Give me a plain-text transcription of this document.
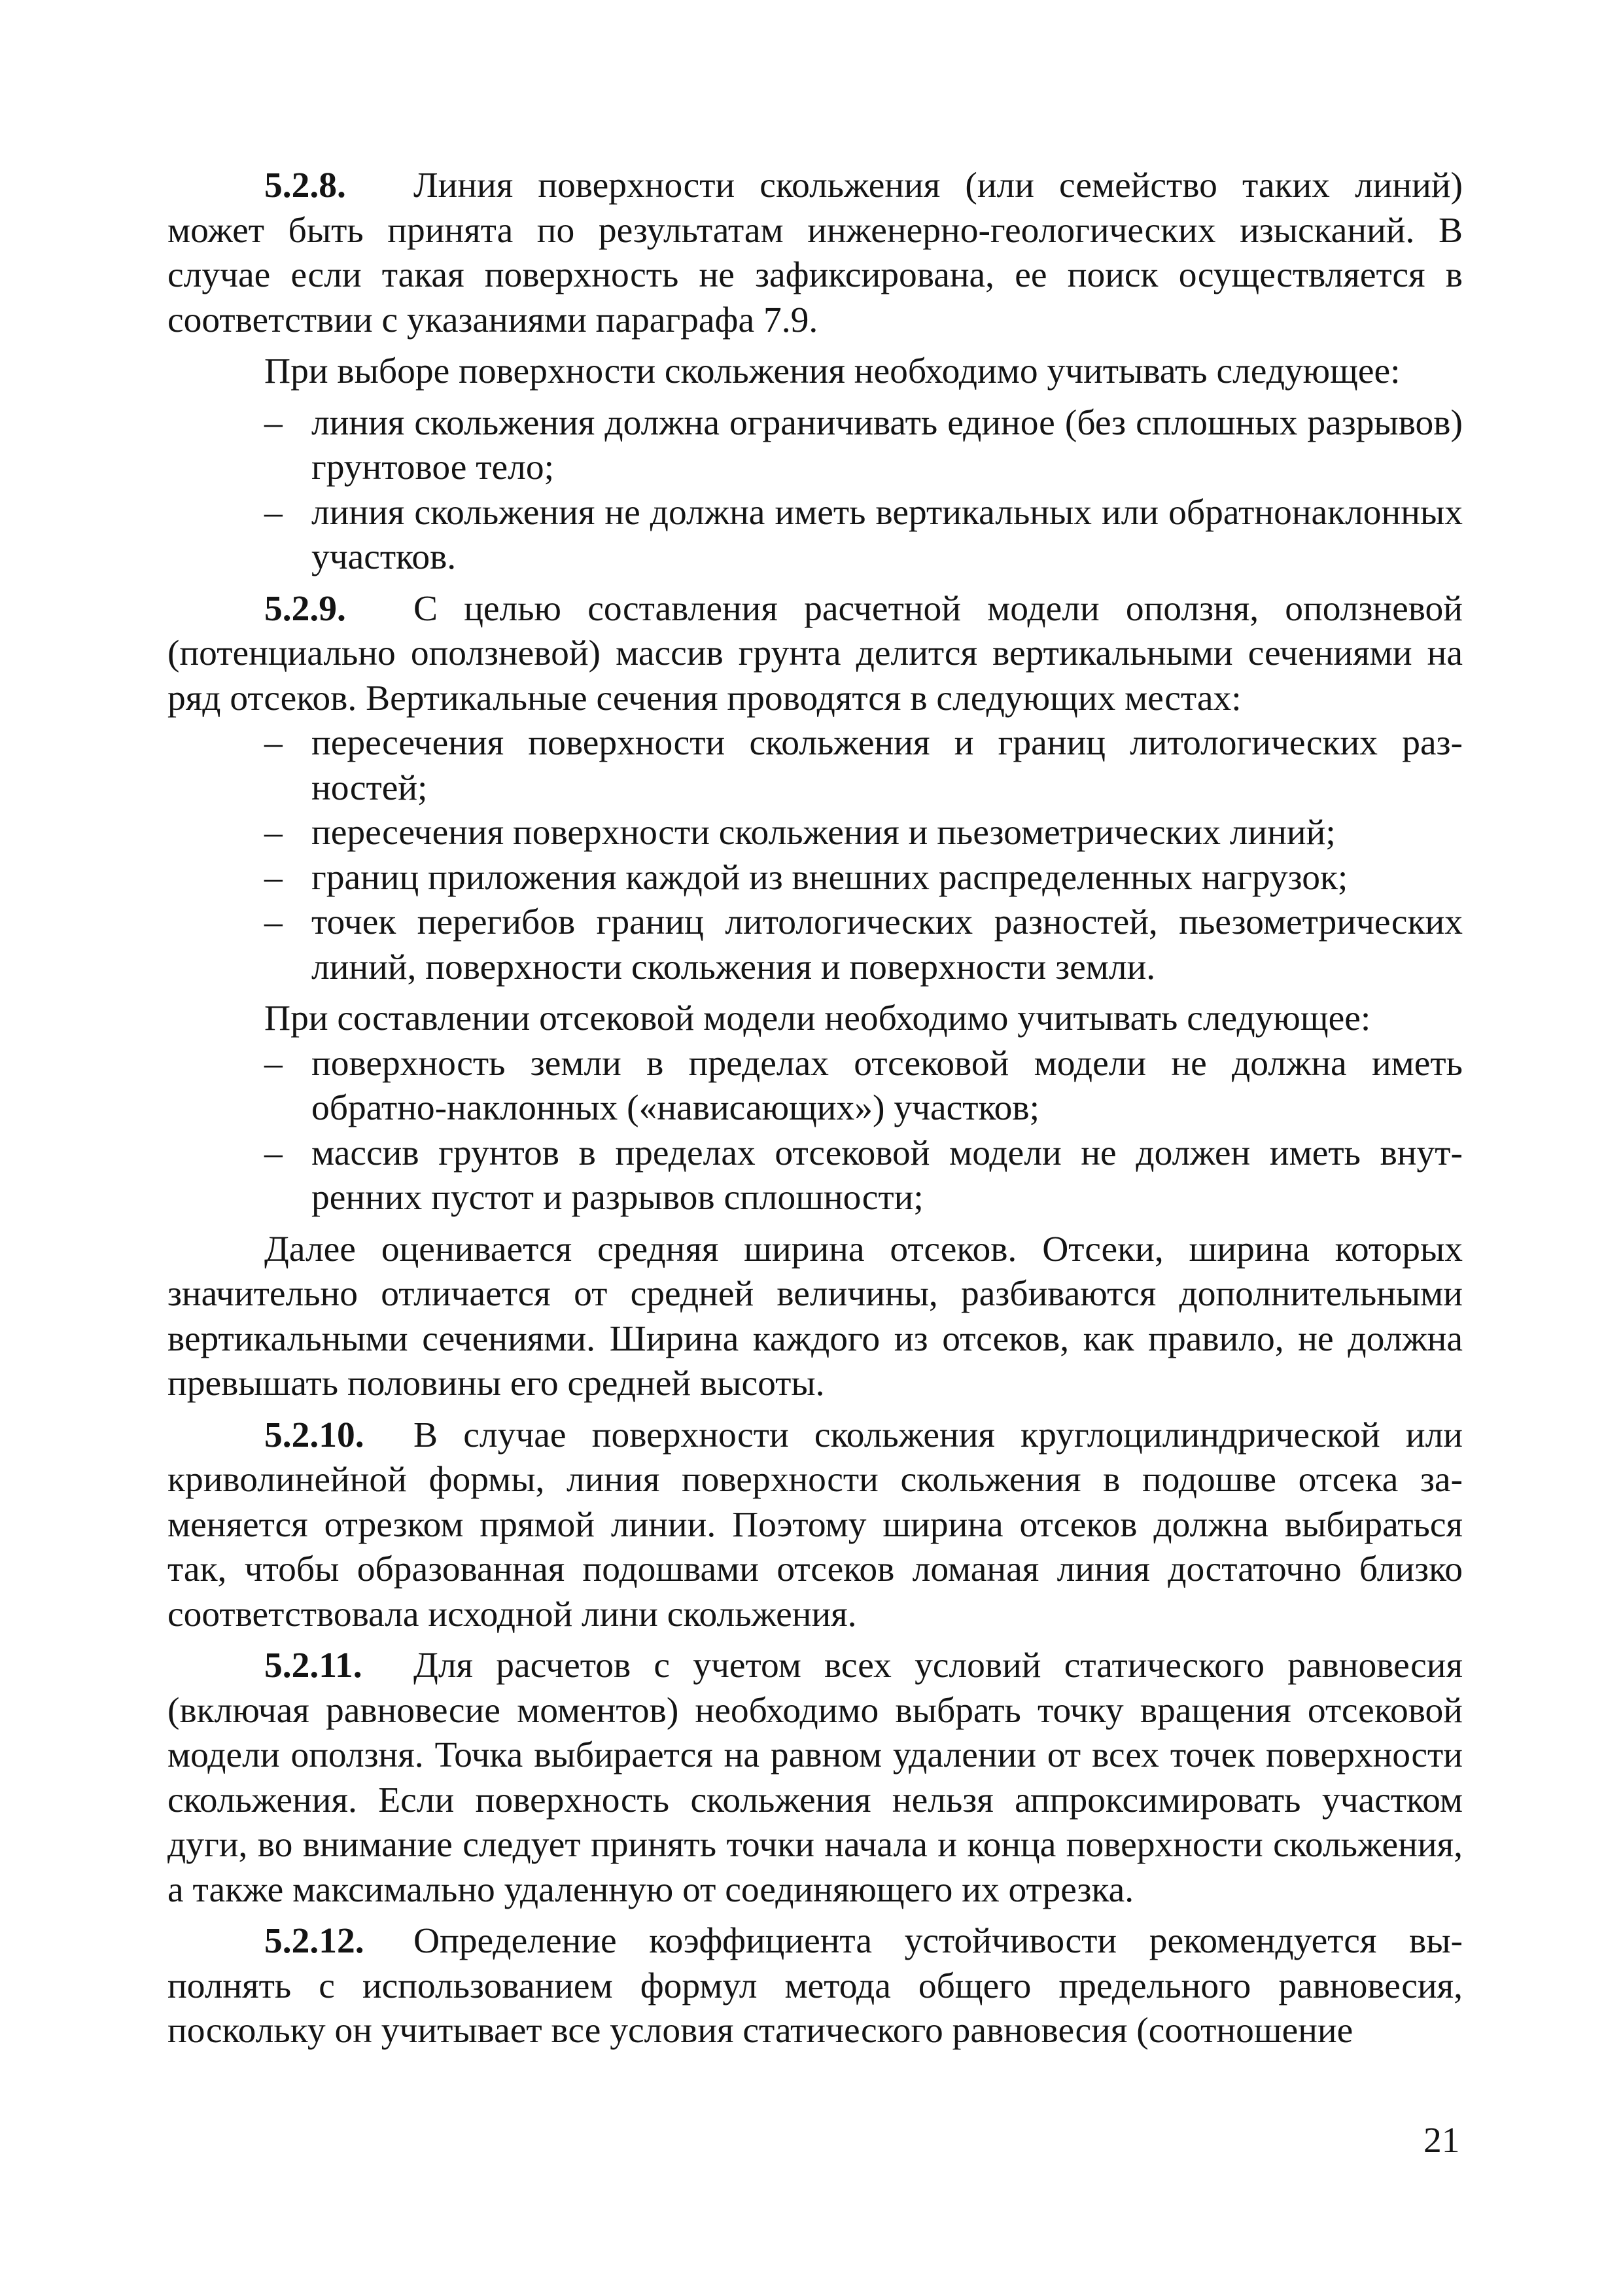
5.2.8. Линия поверхности скольжения (или семейство таких линий) может быть принята по результатам инженерно-геологических изысканий. В случае если такая поверхность не зафиксирована, ее поиск осуществляется в соответствии с указаниями параграфа 7.9.

При выборе поверхности скольжения необходимо учитывать следующее:

– линия скольжения должна ограничивать единое (без сплошных разрывов) грунтовое тело;
– линия скольжения не должна иметь вертикальных или обратнонаклонных участков.

5.2.9. С целью составления расчетной модели оползня, оползневой (потенциально оползневой) массив грунта делится вертикальными сечениями на ряд отсеков. Вертикальные сечения проводятся в следующих местах:

– пересечения поверхности скольжения и границ литологических разностей;
– пересечения поверхности скольжения и пьезометрических линий;
– границ приложения каждой из внешних распределенных нагрузок;
– точек перегибов границ литологических разностей, пьезометрических линий, поверхности скольжения и поверхности земли.

При составлении отсековой модели необходимо учитывать следующее:

– поверхность земли в пределах отсековой модели не должна иметь обратно-наклонных («нависающих») участков;
– массив грунтов в пределах отсековой модели не должен иметь внутренних пустот и разрывов сплошности;

Далее оценивается средняя ширина отсеков. Отсеки, ширина которых значительно отличается от средней величины, разбиваются дополнительными вертикальными сечениями. Ширина каждого из отсеков, как правило, не должна превышать половины его средней высоты.

5.2.10. В случае поверхности скольжения круглоцилиндрической или криволинейной формы, линия поверхности скольжения в подошве отсека заменяется отрезком прямой линии. Поэтому ширина отсеков должна выбираться так, чтобы образованная подошвами отсеков ломаная линия достаточно близко соответствовала исходной лини скольжения.

5.2.11. Для расчетов с учетом всех условий статического равновесия (включая равновесие моментов) необходимо выбрать точку вращения отсековой модели оползня. Точка выбирается на равном удалении от всех точек поверхности скольжения. Если поверхность скольжения нельзя аппроксимировать участком дуги, во внимание следует принять точки начала и конца поверхности скольжения, а также максимально удаленную от соединяющего их отрезка.

5.2.12. Определение коэффициента устойчивости рекомендуется выполнять с использованием формул метода общего предельного равновесия, поскольку он учитывает все условия статического равновесия (соотношение

21
